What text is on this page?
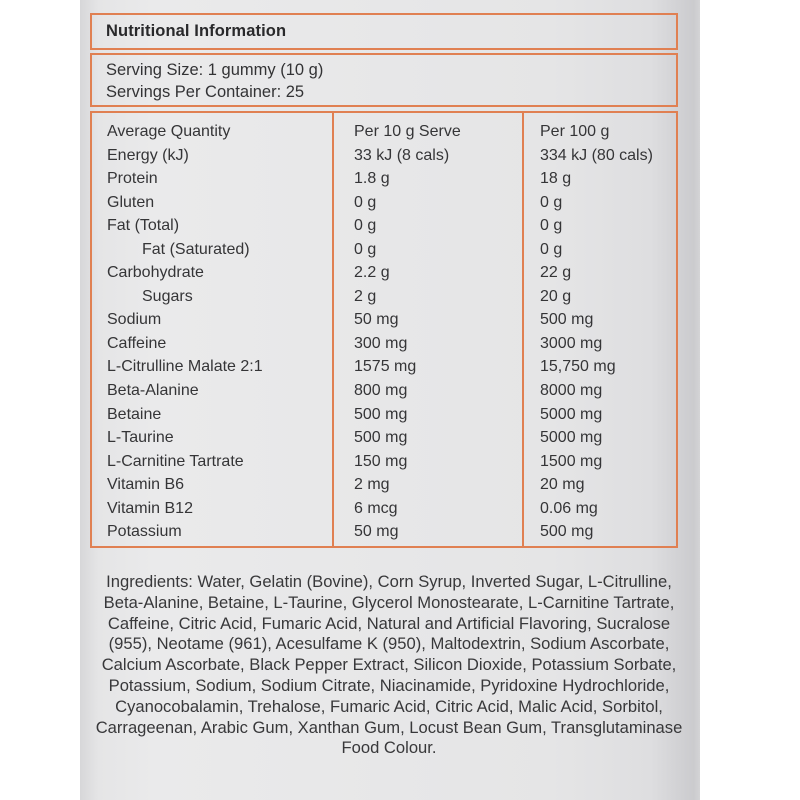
Nutritional Information
Serving Size: 1 gummy (10 g)
Servings Per Container: 25
Average Quantity
Energy (kJ)
Protein
Gluten
Fat (Total)
Fat (Saturated)
Carbohydrate
Sugars
Sodium
Caffeine
L-Citrulline Malate 2:1
Beta-Alanine
Betaine
L-Taurine
L-Carnitine Tartrate
Vitamin B6
Vitamin B12
Potassium
Per 10 g Serve
33 kJ (8 cals)
1.8 g
0 g
0 g
0 g
2.2 g
2 g
50 mg
300 mg
1575 mg
800 mg
500 mg
500 mg
150 mg
2 mg
6 mcg
50 mg
Per 100 g
334 kJ (80 cals)
18 g
0 g
0 g
0 g
22 g
20 g
500 mg
3000 mg
15,750 mg
8000 mg
5000 mg
5000 mg
1500 mg
20 mg
0.06 mg
500 mg
Ingredients: Water, Gelatin (Bovine), Corn Syrup, Inverted Sugar, L-Citrulline, Beta-Alanine, Betaine, L-Taurine, Glycerol Monostearate, L-Carnitine Tartrate, Caffeine, Citric Acid, Fumaric Acid, Natural and Artificial Flavoring, Sucralose (955), Neotame (961), Acesulfame K (950), Maltodextrin, Sodium Ascorbate, Calcium Ascorbate, Black Pepper Extract, Silicon Dioxide, Potassium Sorbate, Potassium, Sodium, Sodium Citrate, Niacinamide, Pyridoxine Hydrochloride, Cyanocobalamin, Trehalose, Fumaric Acid, Citric Acid, Malic Acid, Sorbitol, Carrageenan, Arabic Gum, Xanthan Gum, Locust Bean Gum, Transglutaminase Food Colour.
